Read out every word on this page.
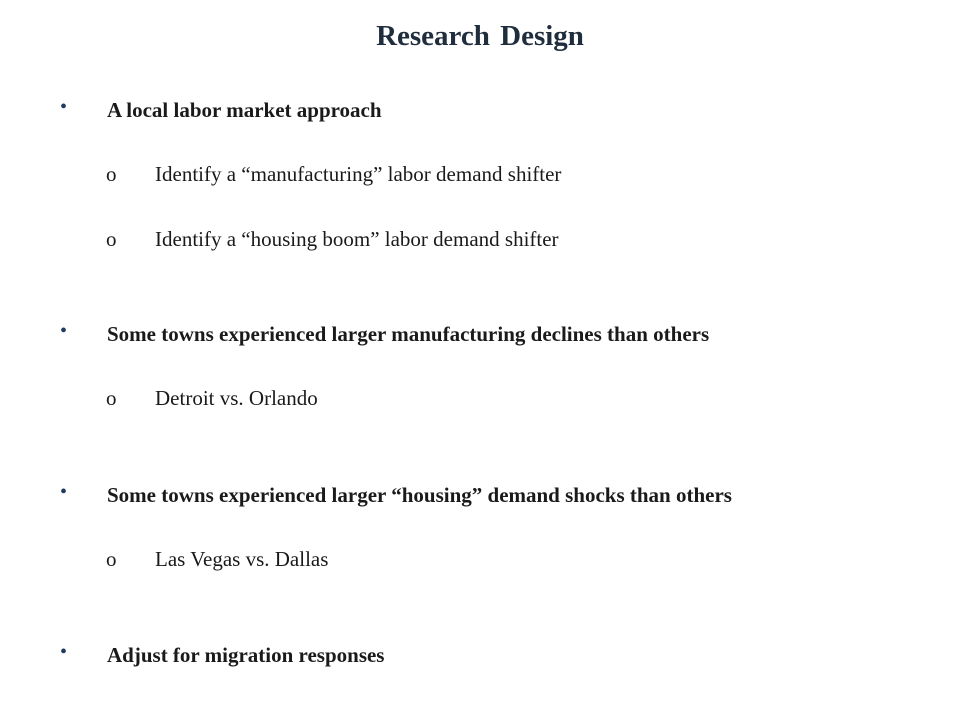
Research Design
• A local labor market approach
o Identify a “manufacturing” labor demand shifter
o Identify a “housing boom” labor demand shifter
• Some towns experienced larger manufacturing declines than others
o Detroit vs. Orlando
• Some towns experienced larger “housing” demand shocks than others
o Las Vegas vs. Dallas
• Adjust for migration responses
